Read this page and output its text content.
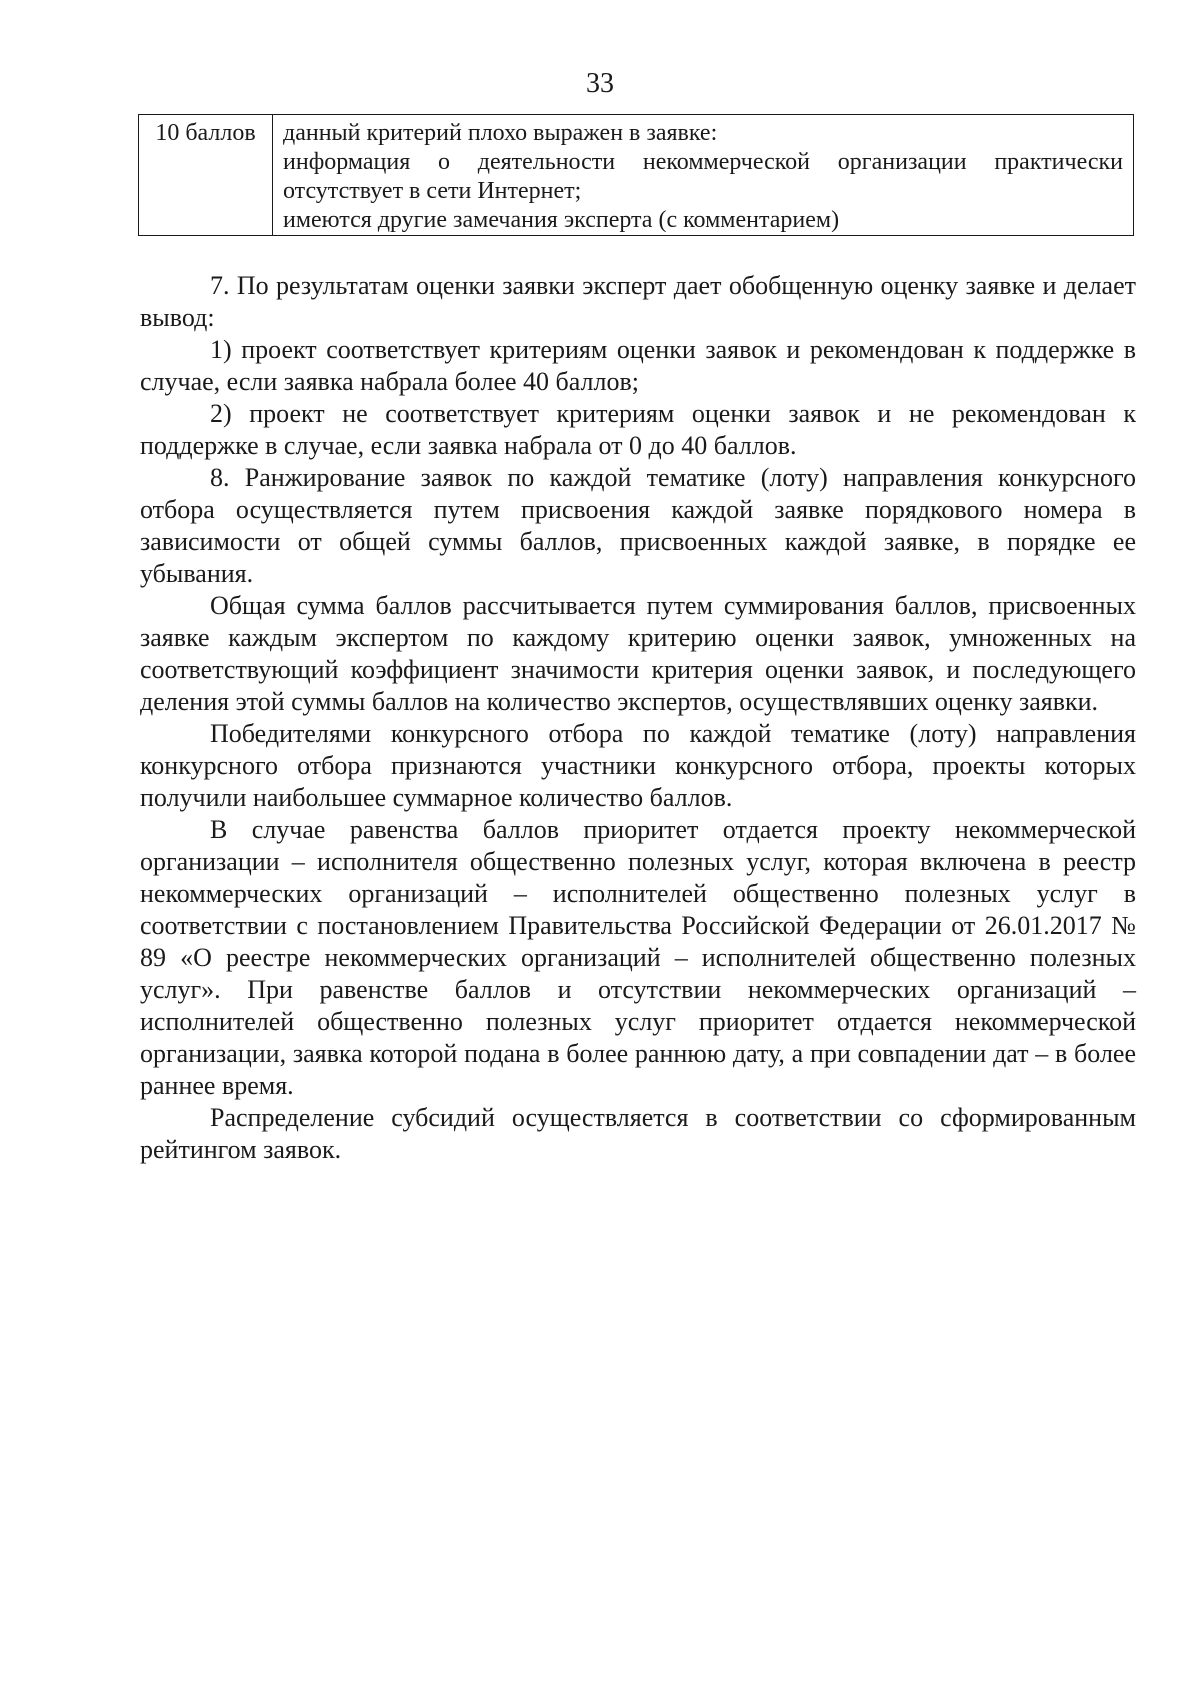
33
10 баллов	данный критерий плохо выражен в заявке:
информация о деятельности некоммерческой организации практически
отсутствует в сети Интернет;
имеются другие замечания эксперта (с комментарием)

7. По результатам оценки заявки эксперт дает обобщенную оценку заявке и делает вывод:

1) проект соответствует критериям оценки заявок и рекомендован к поддержке в случае, если заявка набрала более 40 баллов;

2) проект не соответствует критериям оценки заявок и не рекомендован к поддержке в случае, если заявка набрала от 0 до 40 баллов.

8. Ранжирование заявок по каждой тематике (лоту) направления конкурсного отбора осуществляется путем присвоения каждой заявке порядкового номера в зависимости от общей суммы баллов, присвоенных каждой заявке, в порядке ее убывания.

Общая сумма баллов рассчитывается путем суммирования баллов, присвоенных заявке каждым экспертом по каждому критерию оценки заявок, умноженных на соответствующий коэффициент значимости критерия оценки заявок, и последующего деления этой суммы баллов на количество экспертов, осуществлявших оценку заявки.

Победителями конкурсного отбора по каждой тематике (лоту) направления конкурсного отбора признаются участники конкурсного отбора, проекты которых получили наибольшее суммарное количество баллов.

В случае равенства баллов приоритет отдается проекту некоммерческой организации – исполнителя общественно полезных услуг, которая включена в реестр некоммерческих организаций – исполнителей общественно полезных услуг в соответствии с постановлением Правительства Российской Федерации от 26.01.2017 № 89 «О реестре некоммерческих организаций – исполнителей общественно полезных услуг». При равенстве баллов и отсутствии некоммерческих организаций – исполнителей общественно полезных услуг приоритет отдается некоммерческой организации, заявка которой подана в более раннюю дату, а при совпадении дат – в более раннее время.

Распределение субсидий осуществляется в соответствии со сформированным рейтингом заявок.
